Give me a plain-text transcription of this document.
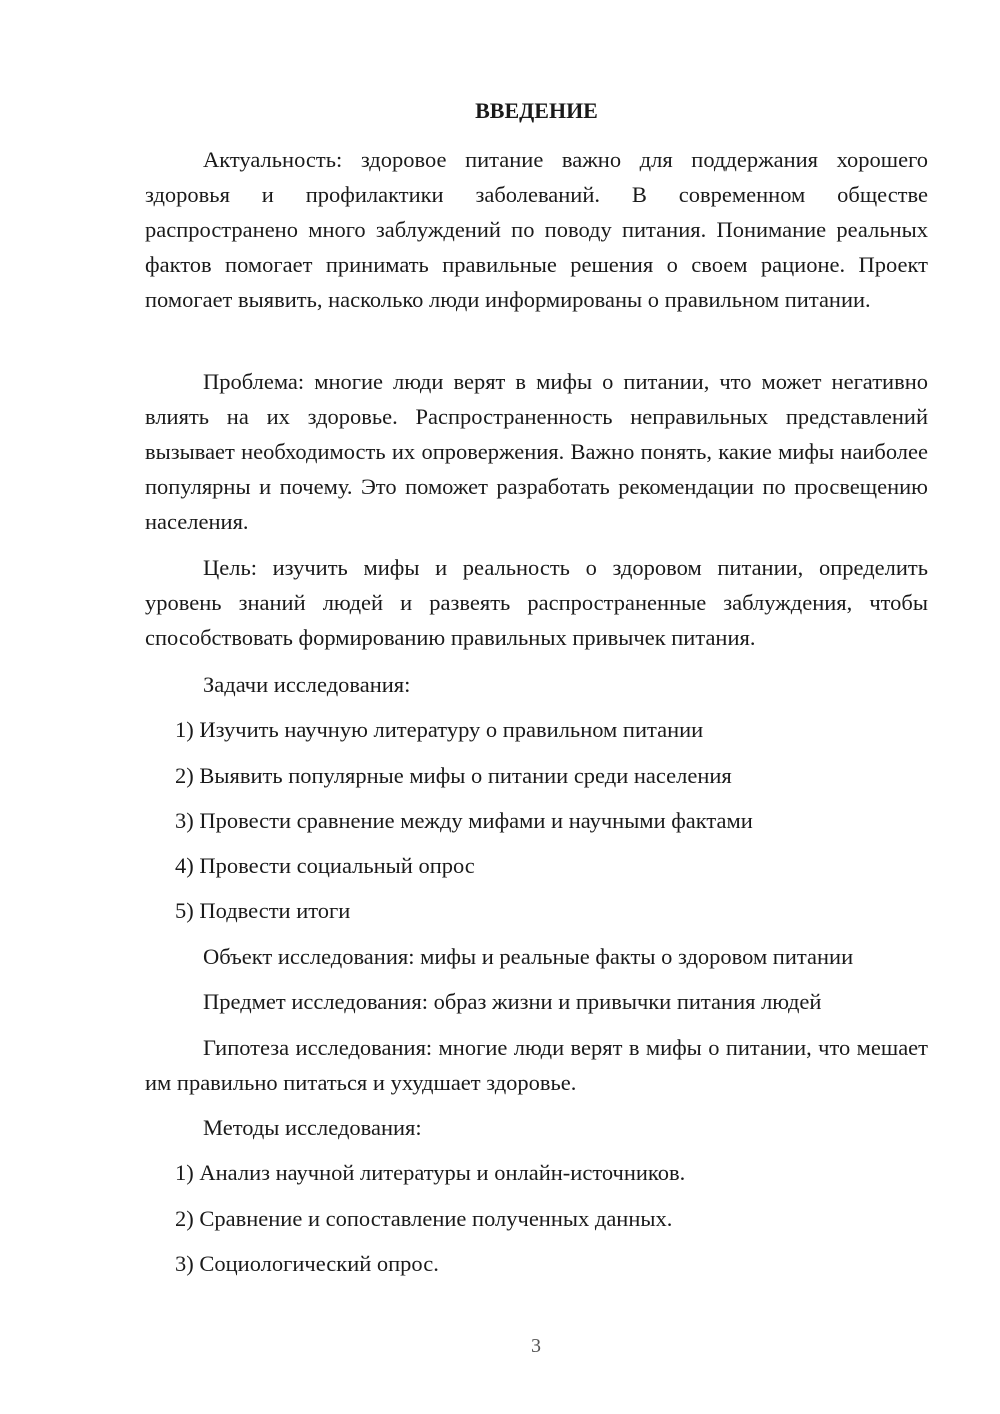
ВВЕДЕНИЕ

Актуальность: здоровое питание важно для поддержания хорошего здоровья и профилактики заболеваний. В современном обществе распространено много заблуждений по поводу питания. Понимание реальных фактов помогает принимать правильные решения о своем рационе. Проект помогает выявить, насколько люди информированы о правильном питании.

Проблема: многие люди верят в мифы о питании, что может негативно влиять на их здоровье. Распространенность неправильных представлений вызывает необходимость их опровержения. Важно понять, какие мифы наиболее популярны и почему. Это поможет разработать рекомендации по просвещению населения.

Цель: изучить мифы и реальность о здоровом питании, определить уровень знаний людей и развеять распространенные заблуждения, чтобы способствовать формированию правильных привычек питания.

Задачи исследования:

1) Изучить научную литературу о правильном питании

2) Выявить популярные мифы о питании среди населения

3) Провести сравнение между мифами и научными фактами

4) Провести социальный опрос

5) Подвести итоги

Объект исследования: мифы и реальные факты о здоровом питании

Предмет исследования: образ жизни и привычки питания людей

Гипотеза исследования: многие люди верят в мифы о питании, что мешает им правильно питаться и ухудшает здоровье.

Методы исследования:

1) Анализ научной литературы и онлайн-источников.

2) Сравнение и сопоставление полученных данных.

3) Социологический опрос.

3
